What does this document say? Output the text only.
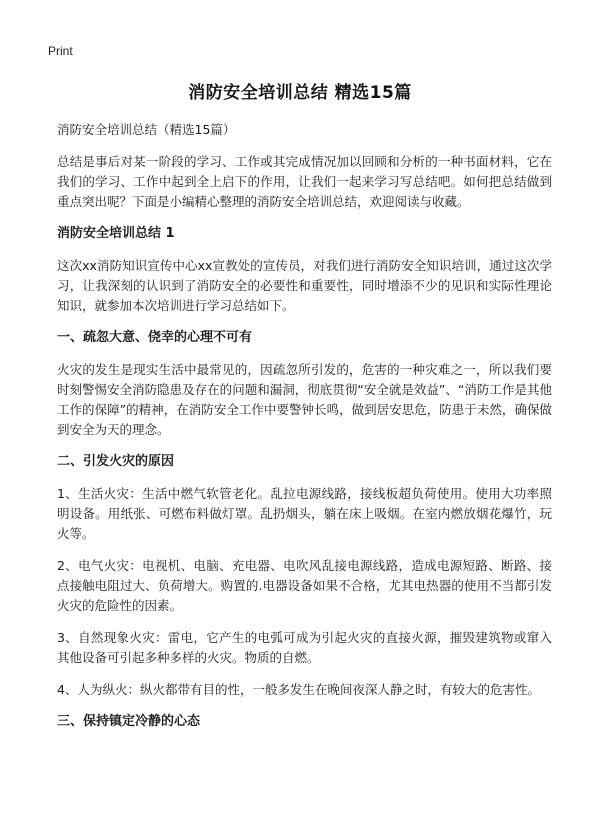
Print
消防安全培训总结 精选15篇
消防安全培训总结（精选15篇）

总结是事后对某一阶段的学习、工作或其完成情况加以回顾和分析的一种书面材料，它在我们的学习、工作中起到全上启下的作用，让我们一起来学习写总结吧。如何把总结做到重点突出呢？下面是小编精心整理的消防安全培训总结，欢迎阅读与收藏。

消防安全培训总结 1

这次xx消防知识宣传中心xx宣教处的宣传员，对我们进行消防安全知识培训，通过这次学习，让我深刻的认识到了消防安全的必要性和重要性，同时增添不少的见识和实际性理论知识，就参加本次培训进行学习总结如下。

一、疏忽大意、侥幸的心理不可有

火灾的发生是现实生活中最常见的，因疏忽所引发的，危害的一种灾难之一，所以我们要时刻警惕安全消防隐患及存在的问题和漏洞，彻底贯彻“安全就是效益”、“消防工作是其他工作的保障”的精神，在消防安全工作中要警钟长鸣，做到居安思危，防患于未然，确保做到安全为天的理念。

二、引发火灾的原因

1、生活火灾：生活中燃气软管老化。乱拉电源线路，接线板超负荷使用。使用大功率照明设备。用纸张、可燃布料做灯罩。乱扔烟头，躺在床上吸烟。在室内燃放烟花爆竹，玩火等。

2、电气火灾：电视机、电脑、充电器、电吹风乱接电源线路，造成电源短路、断路、接点接触电阻过大、负荷增大。购置的.电器设备如果不合格，尤其电热器的使用不当都引发火灾的危险性的因素。

3、自然现象火灾：雷电，它产生的电弧可成为引起火灾的直接火源，摧毁建筑物或窜入其他设备可引起多种多样的火灾。物质的自燃。

4、人为纵火：纵火都带有目的性，一般多发生在晚间夜深人静之时，有较大的危害性。

三、保持镇定冷静的心态
